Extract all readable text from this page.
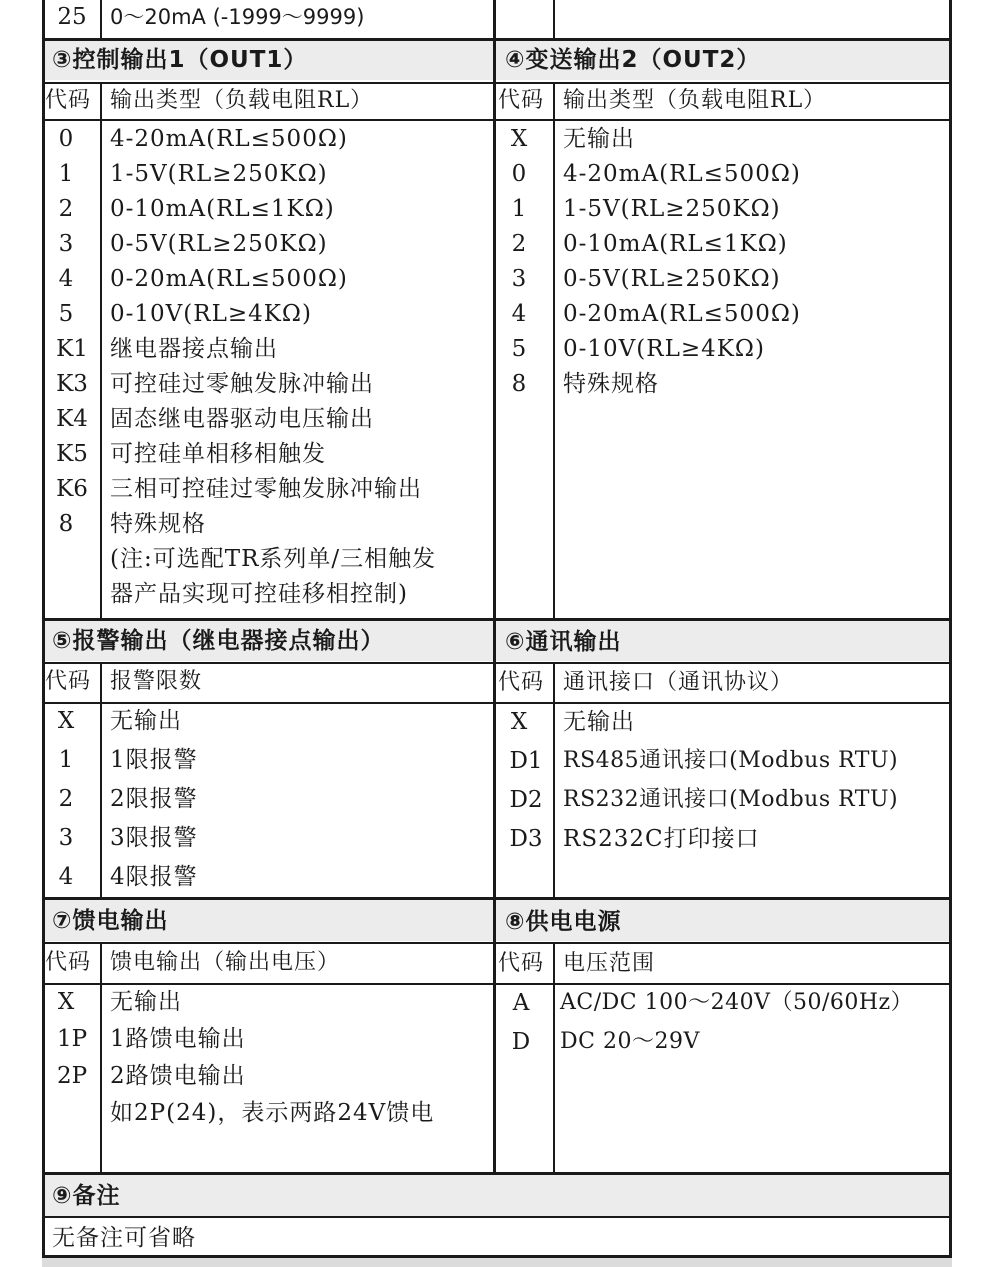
25	0～20mA (-1999～9999)
③控制输出1（OUT1）
代码 输出类型（负载电阻RL）
0	4-20mA(RL≤500Ω)
1	1-5V(RL≥250KΩ)
2	0-10mA(RL≤1KΩ)
3	0-5V(RL≥250KΩ)
4	0-20mA(RL≤500Ω)
5	0-10V(RL≥4KΩ)
K1 继电器接点输出
K3 可控硅过零触发脉冲输出
K4 固态继电器驱动电压输出
K5 可控硅单相移相触发
K6 三相可控硅过零触发脉冲输出
8	特殊规格
(注:可选配TR系列单/三相触发
器产品实现可控硅移相控制)
④变送输出2（OUT2）
代码 输出类型（负载电阻RL）
X	无输出
0	4-20mA(RL≤500Ω)
1	1-5V(RL≥250KΩ)
2	0-10mA(RL≤1KΩ)
3	0-5V(RL≥250KΩ)
4	0-20mA(RL≤500Ω)
5	0-10V(RL≥4KΩ)
8	特殊规格
⑤报警输出（继电器接点输出）
代码 报警限数
X	无输出
1	1限报警
2	2限报警
3	3限报警
4	4限报警
⑥通讯输出
代码 通讯接口（通讯协议）
X	无输出
D1 RS485通讯接口(Modbus RTU)
D2 RS232通讯接口(Modbus RTU)
D3 RS232C打印接口
⑦馈电输出
代码 馈电输出（输出电压）
X	无输出
1P 1路馈电输出
2P 2路馈电输出
如2P(24)，表示两路24V馈电
⑧供电电源
代码 电压范围
A	AC/DC 100～240V（50/60Hz）
D	DC 20～29V
⑨备注
无备注可省略
